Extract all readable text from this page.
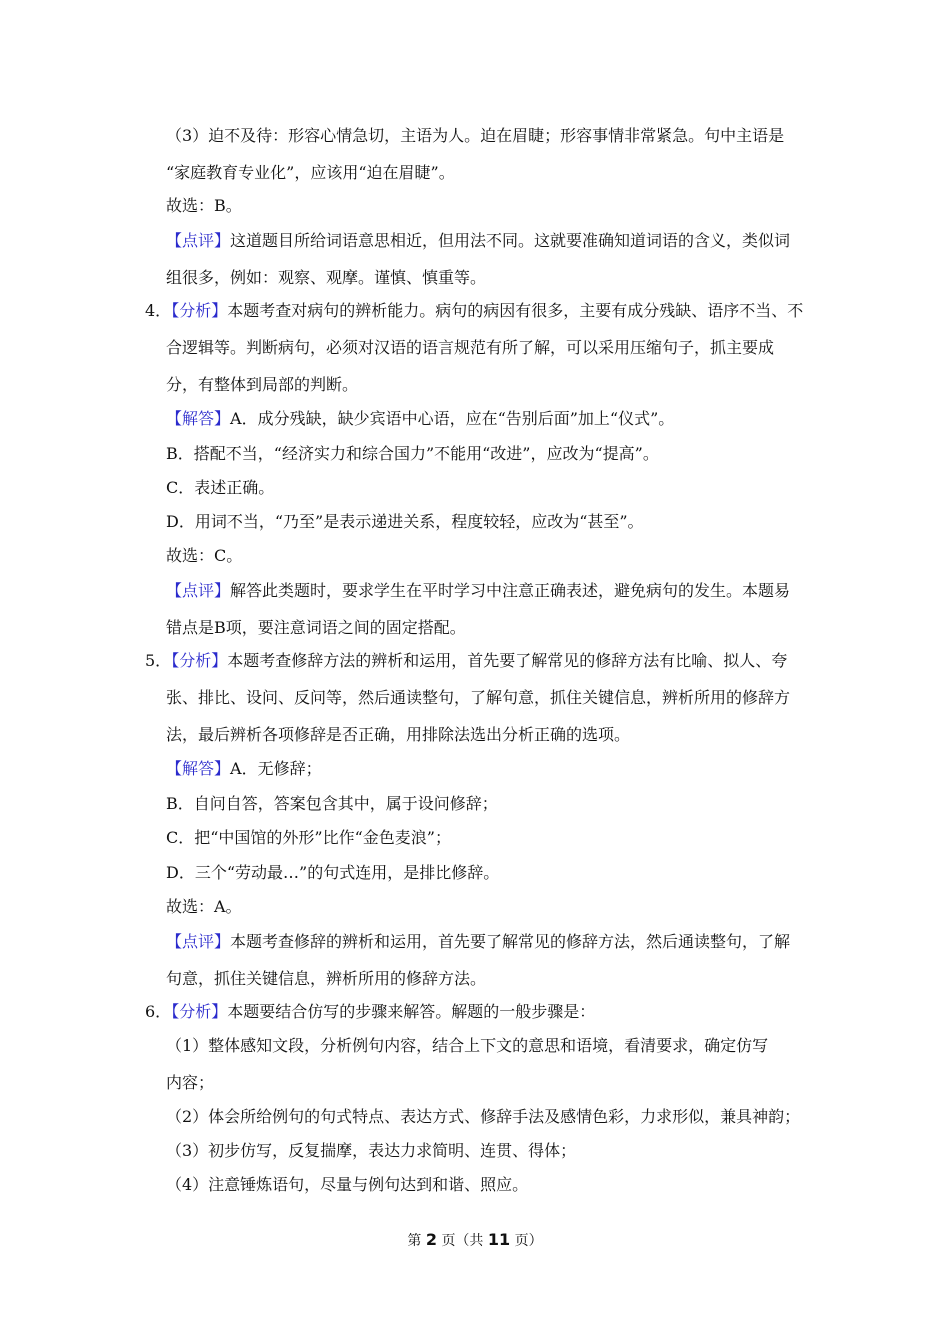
（3）迫不及待：形容心情急切，主语为人。迫在眉睫；形容事情非常紧急。句中主语是
“家庭教育专业化”，应该用“迫在眉睫”。
故选：B。
【点评】这道题目所给词语意思相近，但用法不同。这就要准确知道词语的含义，类似词
组很多，例如：观察、观摩。谨慎、慎重等。
4．【分析】本题考查对病句的辨析能力。病句的病因有很多，主要有成分残缺、语序不当、不
合逻辑等。判断病句，必须对汉语的语言规范有所了解，可以采用压缩句子，抓主要成
分，有整体到局部的判断。
【解答】A．成分残缺，缺少宾语中心语，应在“告别后面”加上“仪式”。
B．搭配不当，“经济实力和综合国力”不能用“改进”，应改为“提高”。
C．表述正确。
D．用词不当，“乃至”是表示递进关系，程度较轻，应改为“甚至”。
故选：C。
【点评】解答此类题时，要求学生在平时学习中注意正确表述，避免病句的发生。本题易
错点是B项，要注意词语之间的固定搭配。
5．【分析】本题考查修辞方法的辨析和运用，首先要了解常见的修辞方法有比喻、拟人、夸
张、排比、设问、反问等，然后通读整句，了解句意，抓住关键信息，辨析所用的修辞方
法，最后辨析各项修辞是否正确，用排除法选出分析正确的选项。
【解答】A．无修辞；
B．自问自答，答案包含其中，属于设问修辞；
C．把“中国馆的外形”比作“金色麦浪”；
D．三个“劳动最…”的句式连用，是排比修辞。
故选：A。
【点评】本题考查修辞的辨析和运用，首先要了解常见的修辞方法，然后通读整句，了解
句意，抓住关键信息，辨析所用的修辞方法。
6．【分析】本题要结合仿写的步骤来解答。解题的一般步骤是：
（1）整体感知文段，分析例句内容，结合上下文的意思和语境，看清要求，确定仿写
内容；
（2）体会所给例句的句式特点、表达方式、修辞手法及感情色彩，力求形似，兼具神韵；
（3）初步仿写，反复揣摩，表达力求简明、连贯、得体；
（4）注意锤炼语句，尽量与例句达到和谐、照应。
第 2 页（共 11 页）
